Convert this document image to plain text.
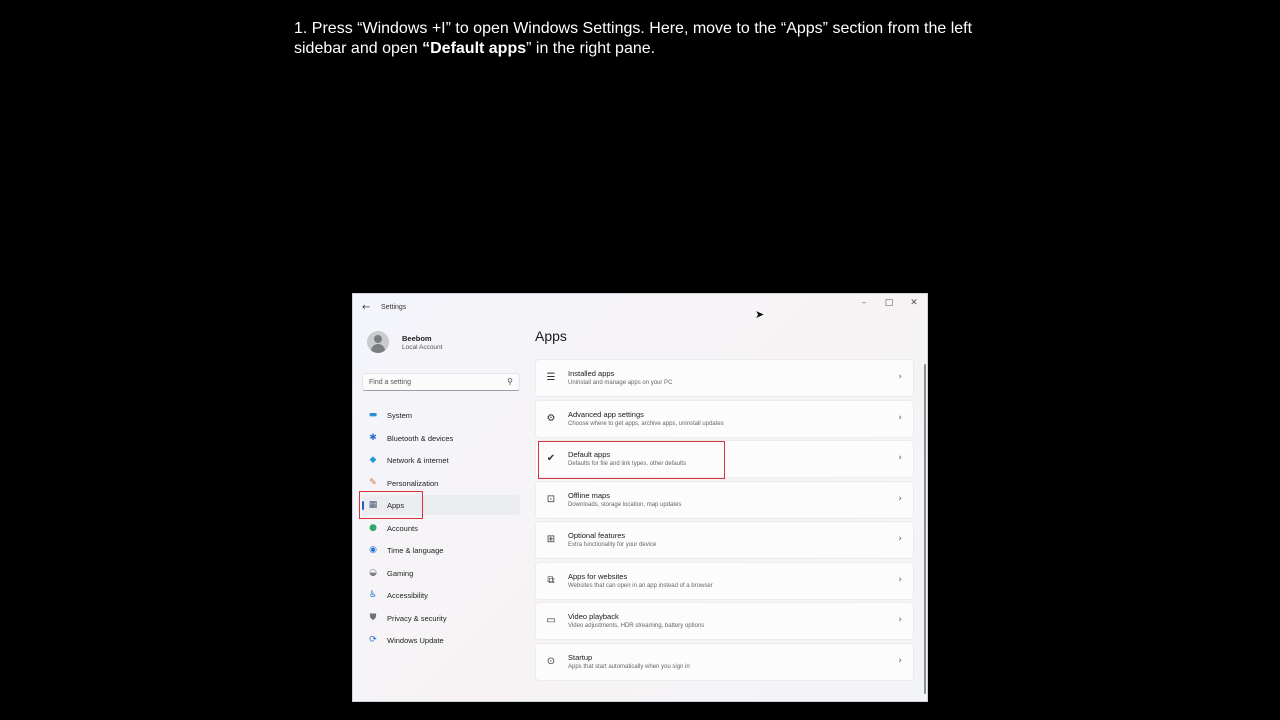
1. Press “Windows +I” to open Windows Settings. Here, move to the “Apps” section from the left sidebar and open “Default apps” in the right pane.
← Settings	–	□	✕
Beebom
Local Account
Find a setting	⚲
▬ System
✱ Bluetooth & devices
◆ Network & internet
✎ Personalization
▦ Apps
● Accounts
◉ Time & language
◒ Gaming
♿ Accessibility
⛊ Privacy & security
⟳ Windows Update
Apps
☰ Installed apps
Uninstall and manage apps on your PC
›
⚙ Advanced app settings
Choose where to get apps, archive apps, uninstall updates
›
✔ Default apps
Defaults for file and link types, other defaults
›
⊡ Offline maps
Downloads, storage location, map updates
›
⊞ Optional features
Extra functionality for your device
›
⧉	Apps for websites
Websites that can open in an app instead of a browser
›
▭ Video playback
Video adjustments, HDR streaming, battery options
›
⊙ Startup
Apps that start automatically when you sign in
›
➤
